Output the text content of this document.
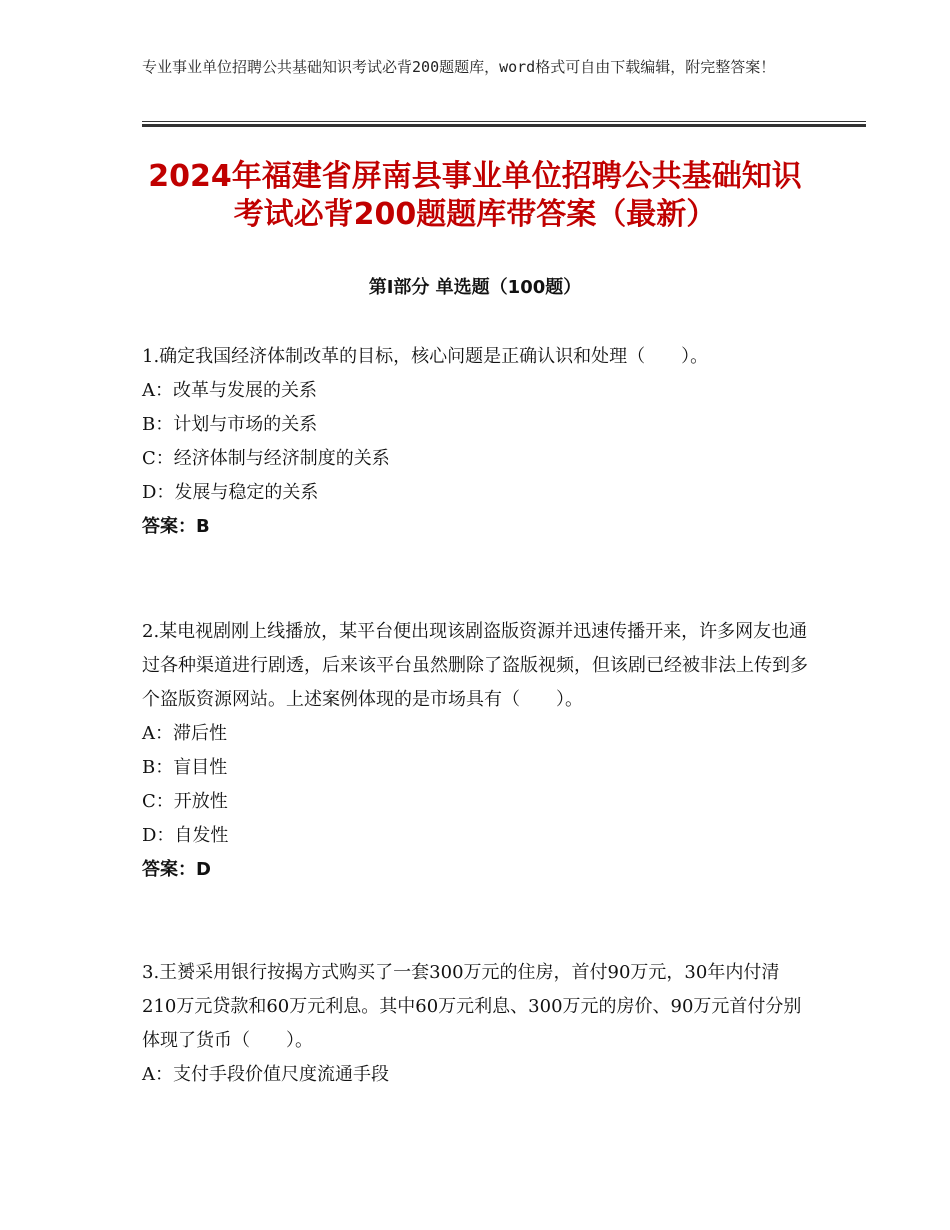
专业事业单位招聘公共基础知识考试必背200题题库，word格式可自由下载编辑，附完整答案！
2024年福建省屏南县事业单位招聘公共基础知识考试必背200题题库带答案（最新）
第Ⅰ部分 单选题（100题）
1.确定我国经济体制改革的目标，核心问题是正确认识和处理（　　）。
A：改革与发展的关系
B：计划与市场的关系
C：经济体制与经济制度的关系
D：发展与稳定的关系
答案：B
2.某电视剧刚上线播放，某平台便出现该剧盗版资源并迅速传播开来，许多网友也通过各种渠道进行剧透，后来该平台虽然删除了盗版视频，但该剧已经被非法上传到多个盗版资源网站。上述案例体现的是市场具有（　　）。
A：滞后性
B：盲目性
C：开放性
D：自发性
答案：D
3.王赟采用银行按揭方式购买了一套300万元的住房，首付90万元，30年内付清210万元贷款和60万元利息。其中60万元利息、300万元的房价、90万元首付分别体现了货币（　　）。
A：支付手段价值尺度流通手段
